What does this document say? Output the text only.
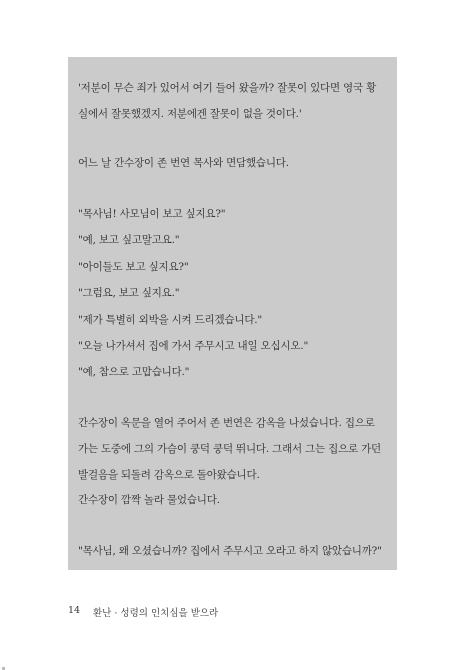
'저분이 무슨 죄가 있어서 여기 들어 왔을까? 잘못이 있다면 영국 황
실에서 잘못했겠지. 저분에겐 잘못이 없을 것이다.'
어느 날 간수장이 존 번연 목사와 면담했습니다.
"목사님! 사모님이 보고 싶지요?"
"예, 보고 싶고말고요."
"아이들도 보고 싶지요?"
"그럼요, 보고 싶지요."
"제가 특별히 외박을 시켜 드리겠습니다."
"오늘 나가셔서 집에 가서 주무시고 내일 오십시오."
"예, 참으로 고맙습니다."
간수장이 옥문을 열어 주어서 존 번연은 감옥을 나섰습니다. 집으로
가는 도중에 그의 가슴이 쿵덕 쿵덕 뛰니다. 그래서 그는 집으로 가던
발걸음을 되돌려 감옥으로 돌아왔습니다.
간수장이 깜짝 놀라 물었습니다.
"목사님, 왜 오셨습니까? 집에서 주무시고 오라고 하지 않았습니까?"
14 환난 · 성령의 인치심을 받으라
